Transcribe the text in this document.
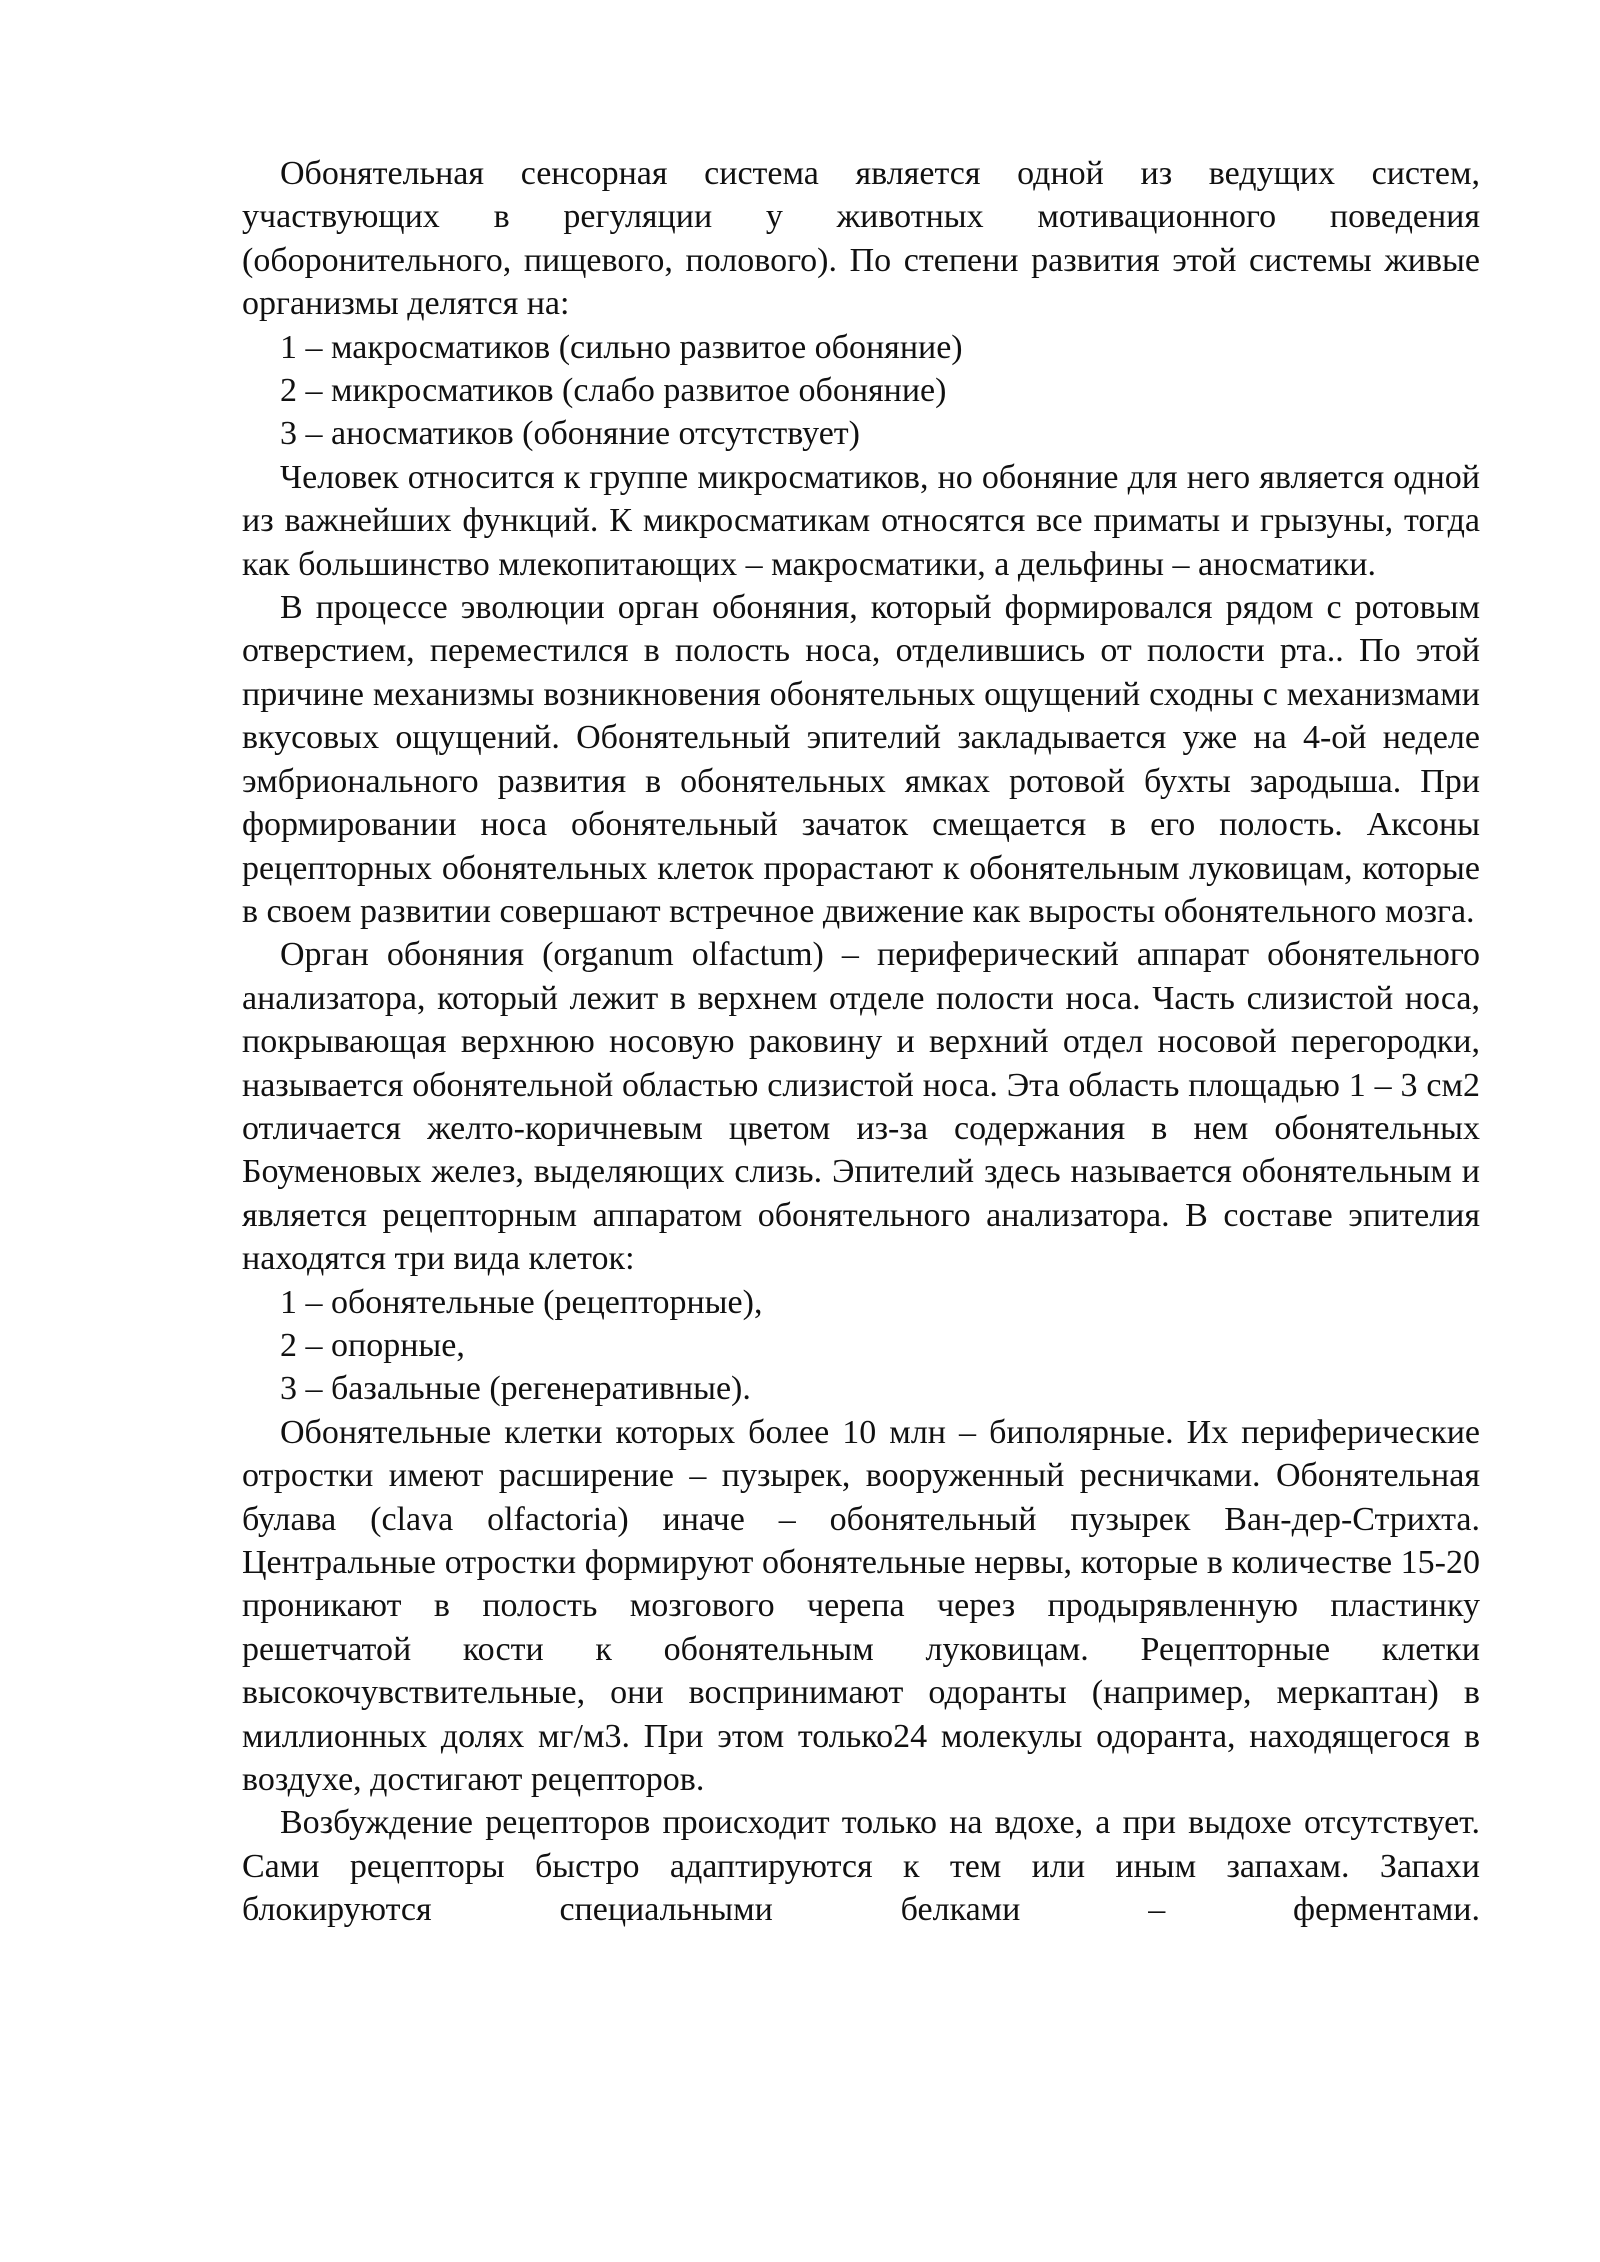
Обонятельная сенсорная система является одной из ведущих систем, участвующих в регуляции у животных мотивационного поведения (оборонительного, пищевого, полового). По степени развития этой системы живые организмы делятся на:

1 – макросматиков (сильно развитое обоняние)

2 – микросматиков (слабо развитое обоняние)

3 – аносматиков (обоняние отсутствует)

Человек относится к группе микросматиков, но обоняние для него является одной из важнейших функций. К микросматикам относятся все приматы и грызуны, тогда как большинство млекопитающих – макросматики, а дельфины – аносматики.

В процессе эволюции орган обоняния, который формировался рядом с ротовым отверстием, переместился в полость носа, отделившись от полости рта.. По этой причине механизмы возникновения обонятельных ощущений сходны с механизмами вкусовых ощущений. Обонятельный эпителий закладывается уже на 4-ой неделе эмбрионального развития в обонятельных ямках ротовой бухты зародыша. При формировании носа обонятельный зачаток смещается в его полость. Аксоны рецепторных обонятельных клеток прорастают к обонятельным луковицам, которые в своем развитии совершают встречное движение как выросты обонятельного мозга.

Орган обоняния (organum olfactum) – периферический аппарат обонятельного анализатора, который лежит в верхнем отделе полости носа. Часть слизистой носа, покрывающая верхнюю носовую раковину и верхний отдел носовой перегородки, называется обонятельной областью слизистой носа. Эта область площадью 1 – 3 см2 отличается желто-коричневым цветом из-за содержания в нем обонятельных Боуменовых желез, выделяющих слизь. Эпителий здесь называется обонятельным и является рецепторным аппаратом обонятельного анализатора. В составе эпителия находятся три вида клеток:

1 – обонятельные (рецепторные),

2 – опорные,

3 – базальные (регенеративные).

Обонятельные клетки которых более 10 млн – биполярные. Их периферические отростки имеют расширение – пузырек, вооруженный ресничками. Обонятельная булава (clava olfactoria) иначе – обонятельный пузырек Ван-дер-Стрихта. Центральные отростки формируют обонятельные нервы, которые в количестве 15-20 проникают в полость мозгового черепа через продырявленную пластинку решетчатой кости к обонятельным луковицам. Рецепторные клетки высокочувствительные, они воспринимают одоранты (например, меркаптан) в миллионных долях мг/м3. При этом только24 молекулы одоранта, находящегося в воздухе, достигают рецепторов.

Возбуждение рецепторов происходит только на вдохе, а при выдохе отсутствует. Сами рецепторы быстро адаптируются к тем или иным запахам. Запахи блокируются специальными белками – ферментами.
